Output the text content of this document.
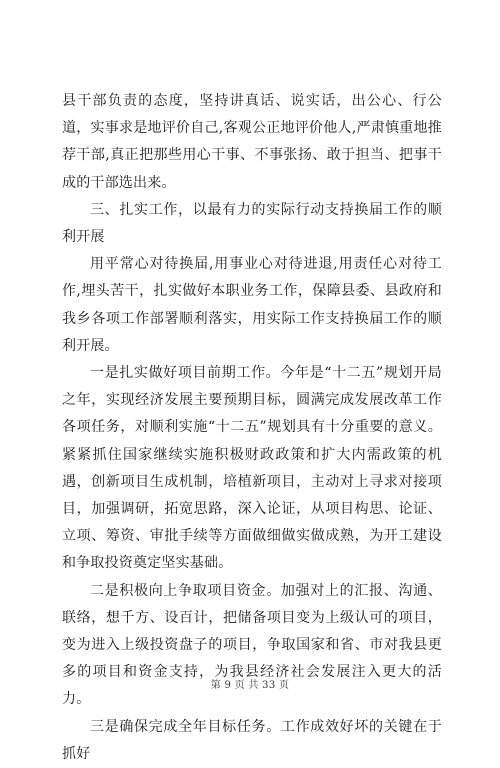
县干部负责的态度，坚持讲真话、说实话，出公心、行公道，实事求是地评价自己,客观公正地评价他人,严肃慎重地推荐干部,真正把那些用心干事、不事张扬、敢于担当、把事干成的干部选出来。

三、扎实工作，以最有力的实际行动支持换届工作的顺利开展

用平常心对待换届,用事业心对待进退,用责任心对待工作,埋头苦干，扎实做好本职业务工作，保障县委、县政府和我乡各项工作部署顺利落实，用实际工作支持换届工作的顺利开展。

一是扎实做好项目前期工作。今年是“十二五”规划开局之年，实现经济发展主要预期目标，圆满完成发展改革工作各项任务，对顺利实施“十二五”规划具有十分重要的意义。紧紧抓住国家继续实施积极财政政策和扩大内需政策的机遇，创新项目生成机制，培植新项目，主动对上寻求对接项目，加强调研，拓宽思路，深入论证，从项目构思、论证、立项、筹资、审批手续等方面做细做实做成熟，为开工建设和争取投资奠定坚实基础。

二是积极向上争取项目资金。加强对上的汇报、沟通、联络，想千方、设百计，把储备项目变为上级认可的项目，变为进入上级投资盘子的项目，争取国家和省、市对我县更多的项目和资金支持，为我县经济社会发展注入更大的活力。

三是确保完成全年目标任务。工作成效好坏的关键在于抓好

第 9 页 共 33 页
